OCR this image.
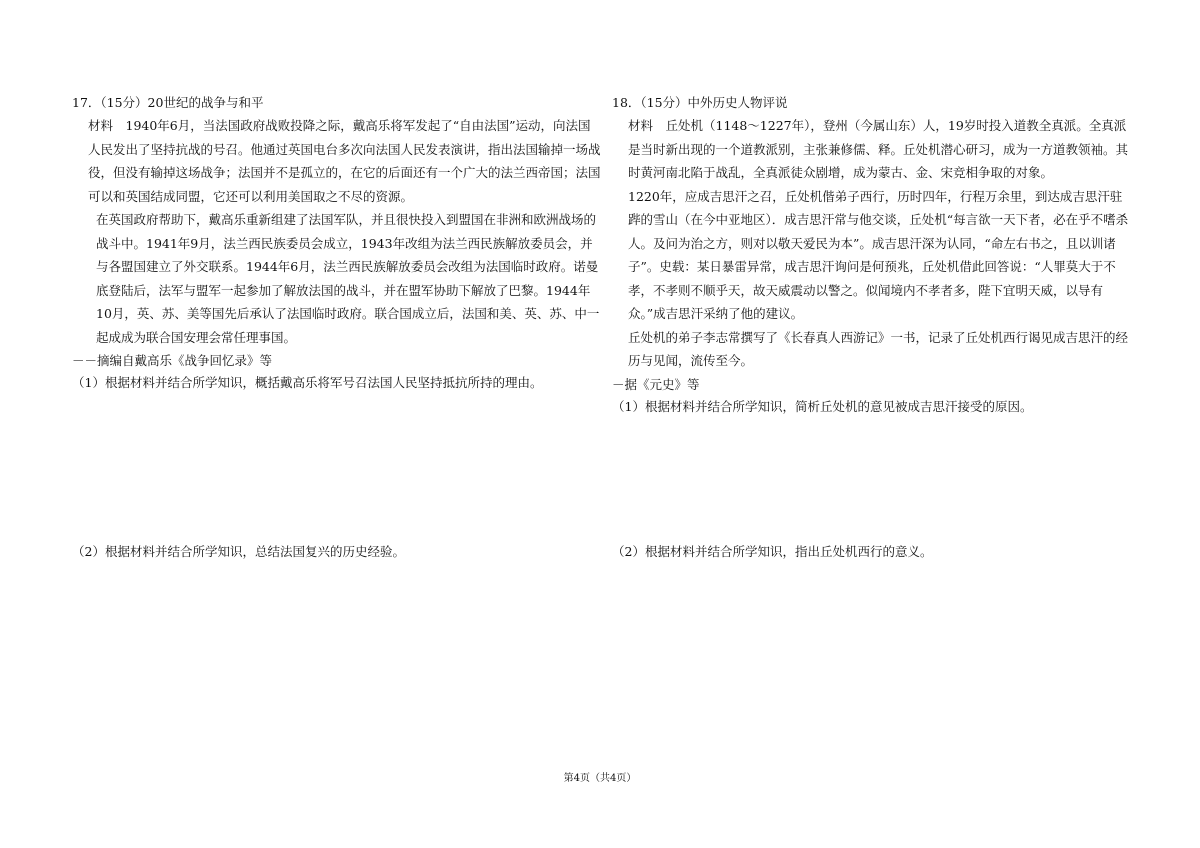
17．（15分）20世纪的战争与和平

材料　1940年6月，当法国政府战败投降之际，戴高乐将军发起了“自由法国”运动，向法国人民发出了坚持抗战的号召。他通过英国电台多次向法国人民发表演讲，指出法国输掉一场战役，但没有输掉这场战争；法国并不是孤立的，在它的后面还有一个广大的法兰西帝国；法国可以和英国结成同盟，它还可以利用美国取之不尽的资源。

在英国政府帮助下，戴高乐重新组建了法国军队，并且很快投入到盟国在非洲和欧洲战场的战斗中。1941年9月，法兰西民族委员会成立，1943年改组为法兰西民族解放委员会，并与各盟国建立了外交联系。1944年6月，法兰西民族解放委员会改组为法国临时政府。诺曼底登陆后，法军与盟军一起参加了解放法国的战斗，并在盟军协助下解放了巴黎。1944年10月，英、苏、美等国先后承认了法国临时政府。联合国成立后，法国和美、英、苏、中一起成成为联合国安理会常任理事国。

－－摘编自戴高乐《战争回忆录》等

（1）根据材料并结合所学知识，概括戴高乐将军号召法国人民坚持抵抗所持的理由。

18．（15分）中外历史人物评说

材料　丘处机（1148～1227年），登州（今属山东）人，19岁时投入道教全真派。全真派是当时新出现的一个道教派别，主张兼修儒、释。丘处机潜心研习，成为一方道教领袖。其时黄河南北陷于战乱，全真派徒众剧增，成为蒙古、金、宋竞相争取的对象。

1220年，应成吉思汗之召，丘处机偕弟子西行，历时四年，行程万余里，到达成吉思汗驻跸的雪山（在今中亚地区）．成吉思汗常与他交谈，丘处机“每言欲一天下者，必在乎不嗜杀人。及问为治之方，则对以敬天爱民为本”。成吉思汗深为认同，“命左右书之，且以训诸子”。史载：某日暴雷异常，成吉思汗询问是何预兆，丘处机借此回答说：“人罪莫大于不孝，不孝则不顺乎天，故天威震动以警之。似闻境内不孝者多，陛下宜明天威，以导有众。”成吉思汗采纳了他的建议。

丘处机的弟子李志常撰写了《长春真人西游记》一书，记录了丘处机西行谒见成吉思汗的经历与见闻，流传至今。

－据《元史》等

（1）根据材料并结合所学知识，简析丘处机的意见被成吉思汗接受的原因。

（2）根据材料并结合所学知识，总结法国复兴的历史经验。	（2）根据材料并结合所学知识，指出丘处机西行的意义。

第4页（共4页）
